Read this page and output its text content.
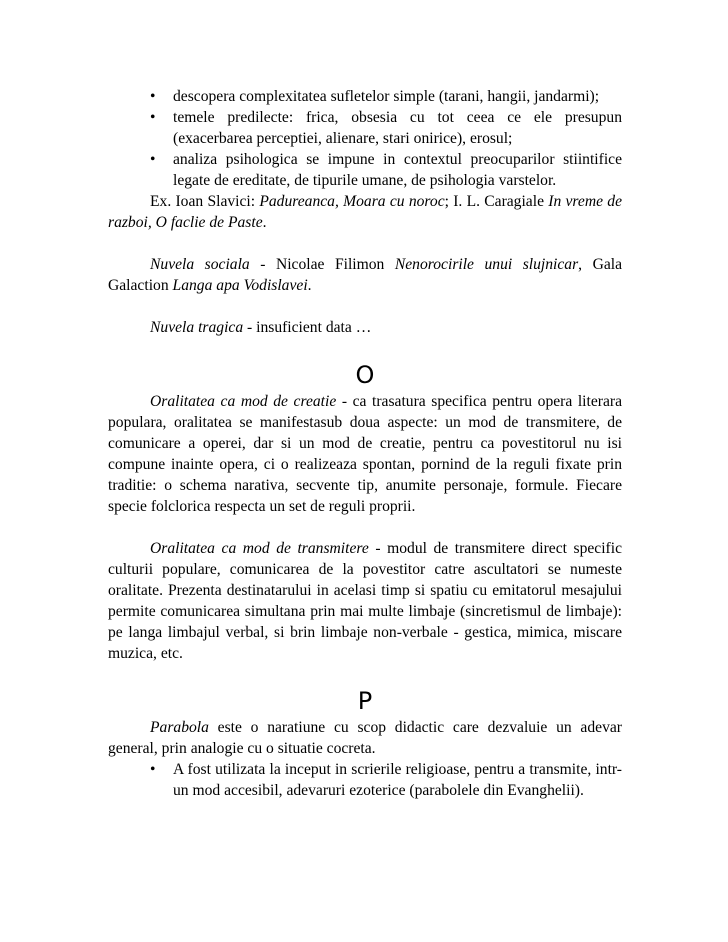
• descopera complexitatea sufletelor simple (tarani, hangii, jandarmi);
• temele predilecte: frica, obsesia cu tot ceea ce ele presupun (exacerbarea perceptiei, alienare, stari onirice), erosul;
• analiza psihologica se impune in contextul preocuparilor stiintifice legate de ereditate, de tipurile umane, de psihologia varstelor.

Ex. Ioan Slavici: Padureanca, Moara cu noroc; I. L. Caragiale In vreme de razboi, O faclie de Paste.

Nuvela sociala - Nicolae Filimon Nenorocirile unui slujnicar, Gala Galaction Langa apa Vodislavei.

Nuvela tragica - insuficient data …

O

Oralitatea ca mod de creatie - ca trasatura specifica pentru opera literara populara, oralitatea se manifestasub doua aspecte: un mod de transmitere, de comunicare a operei, dar si un mod de creatie, pentru ca povestitorul nu isi compune inainte opera, ci o realizeaza spontan, pornind de la reguli fixate prin traditie: o schema narativa, secvente tip, anumite personaje, formule. Fiecare specie folclorica respecta un set de reguli proprii.

Oralitatea ca mod de transmitere - modul de transmitere direct specific culturii populare, comunicarea de la povestitor catre ascultatori se numeste oralitate. Prezenta destinatarului in acelasi timp si spatiu cu emitatorul mesajului permite comunicarea simultana prin mai multe limbaje (sincretismul de limbaje): pe langa limbajul verbal, si brin limbaje non-verbale - gestica, mimica, miscare muzica, etc.

P

Parabola este o naratiune cu scop didactic care dezvaluie un adevar general, prin analogie cu o situatie cocreta.

• A fost utilizata la inceput in scrierile religioase, pentru a transmite, intr-un mod accesibil, adevaruri ezoterice (parabolele din Evanghelii).
